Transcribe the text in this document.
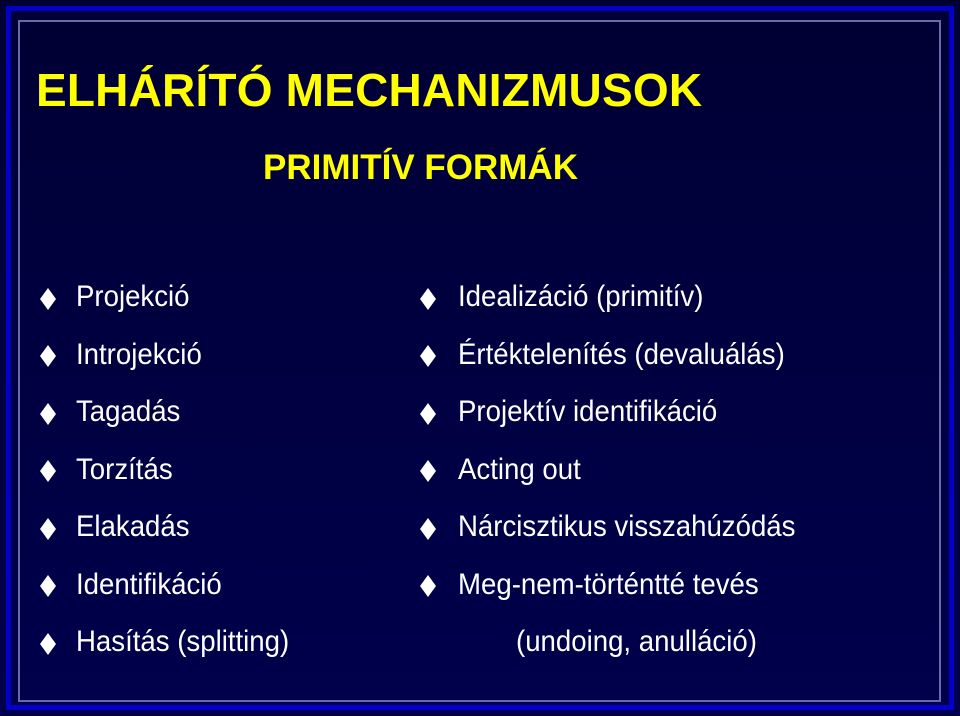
ELHÁRÍTÓ MECHANIZMUSOK
PRIMITÍV FORMÁK
Projekció
Introjekció
Tagadás
Torzítás
Elakadás
Identifikáció
Hasítás (splitting)
Idealizáció (primitív)
Értéktelenítés (devaluálás)
Projektív identifikáció
Acting out
Nárcisztikus visszahúzódás
Meg-nem-történtté tevés
(undoing, anulláció)
